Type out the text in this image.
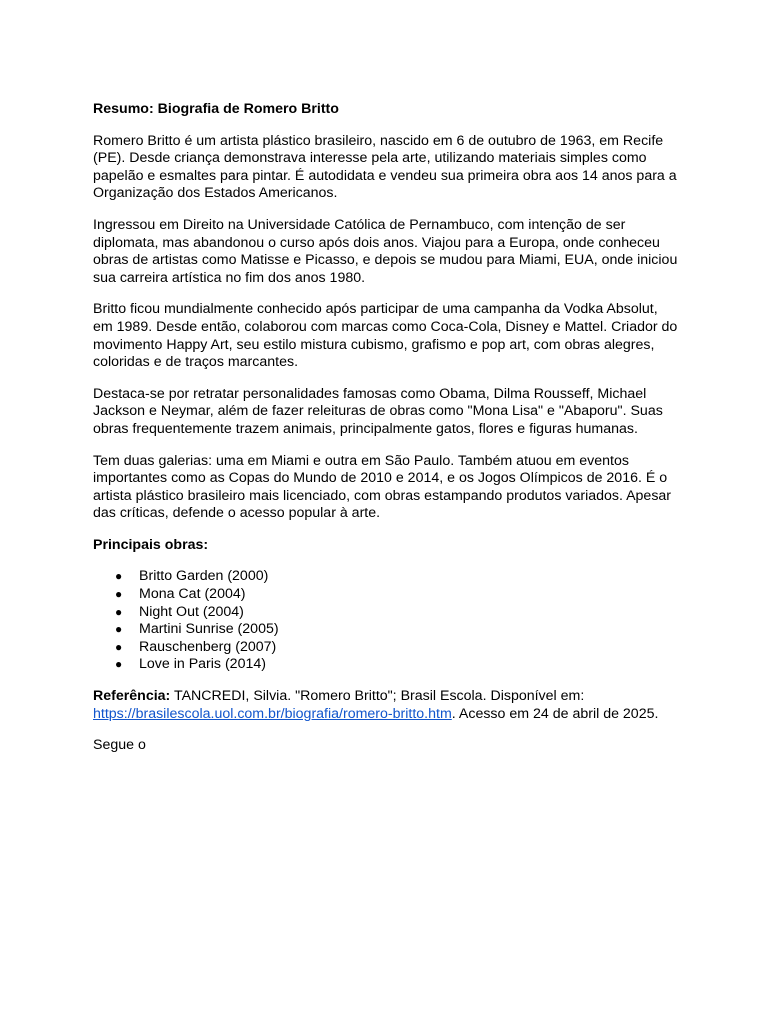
Resumo: Biografia de Romero Britto

Romero Britto é um artista plástico brasileiro, nascido em 6 de outubro de 1963, em Recife (PE). Desde criança demonstrava interesse pela arte, utilizando materiais simples como papelão e esmaltes para pintar. É autodidata e vendeu sua primeira obra aos 14 anos para a Organização dos Estados Americanos.

Ingressou em Direito na Universidade Católica de Pernambuco, com intenção de ser diplomata, mas abandonou o curso após dois anos. Viajou para a Europa, onde conheceu obras de artistas como Matisse e Picasso, e depois se mudou para Miami, EUA, onde iniciou sua carreira artística no fim dos anos 1980.

Britto ficou mundialmente conhecido após participar de uma campanha da Vodka Absolut, em 1989. Desde então, colaborou com marcas como Coca-Cola, Disney e Mattel. Criador do movimento Happy Art, seu estilo mistura cubismo, grafismo e pop art, com obras alegres, coloridas e de traços marcantes.

Destaca-se por retratar personalidades famosas como Obama, Dilma Rousseff, Michael Jackson e Neymar, além de fazer releituras de obras como "Mona Lisa" e "Abaporu". Suas obras frequentemente trazem animais, principalmente gatos, flores e figuras humanas.

Tem duas galerias: uma em Miami e outra em São Paulo. Também atuou em eventos importantes como as Copas do Mundo de 2010 e 2014, e os Jogos Olímpicos de 2016. É o artista plástico brasileiro mais licenciado, com obras estampando produtos variados. Apesar das críticas, defende o acesso popular à arte.

Principais obras:
● Britto Garden (2000)
● Mona Cat (2004)
● Night Out (2004)
● Martini Sunrise (2005)
● Rauschenberg (2007)
● Love in Paris (2014)

Referência: TANCREDI, Silvia. "Romero Britto"; Brasil Escola. Disponível em: https://brasilescola.uol.com.br/biografia/romero-britto.htm. Acesso em 24 de abril de 2025.

Segue o
